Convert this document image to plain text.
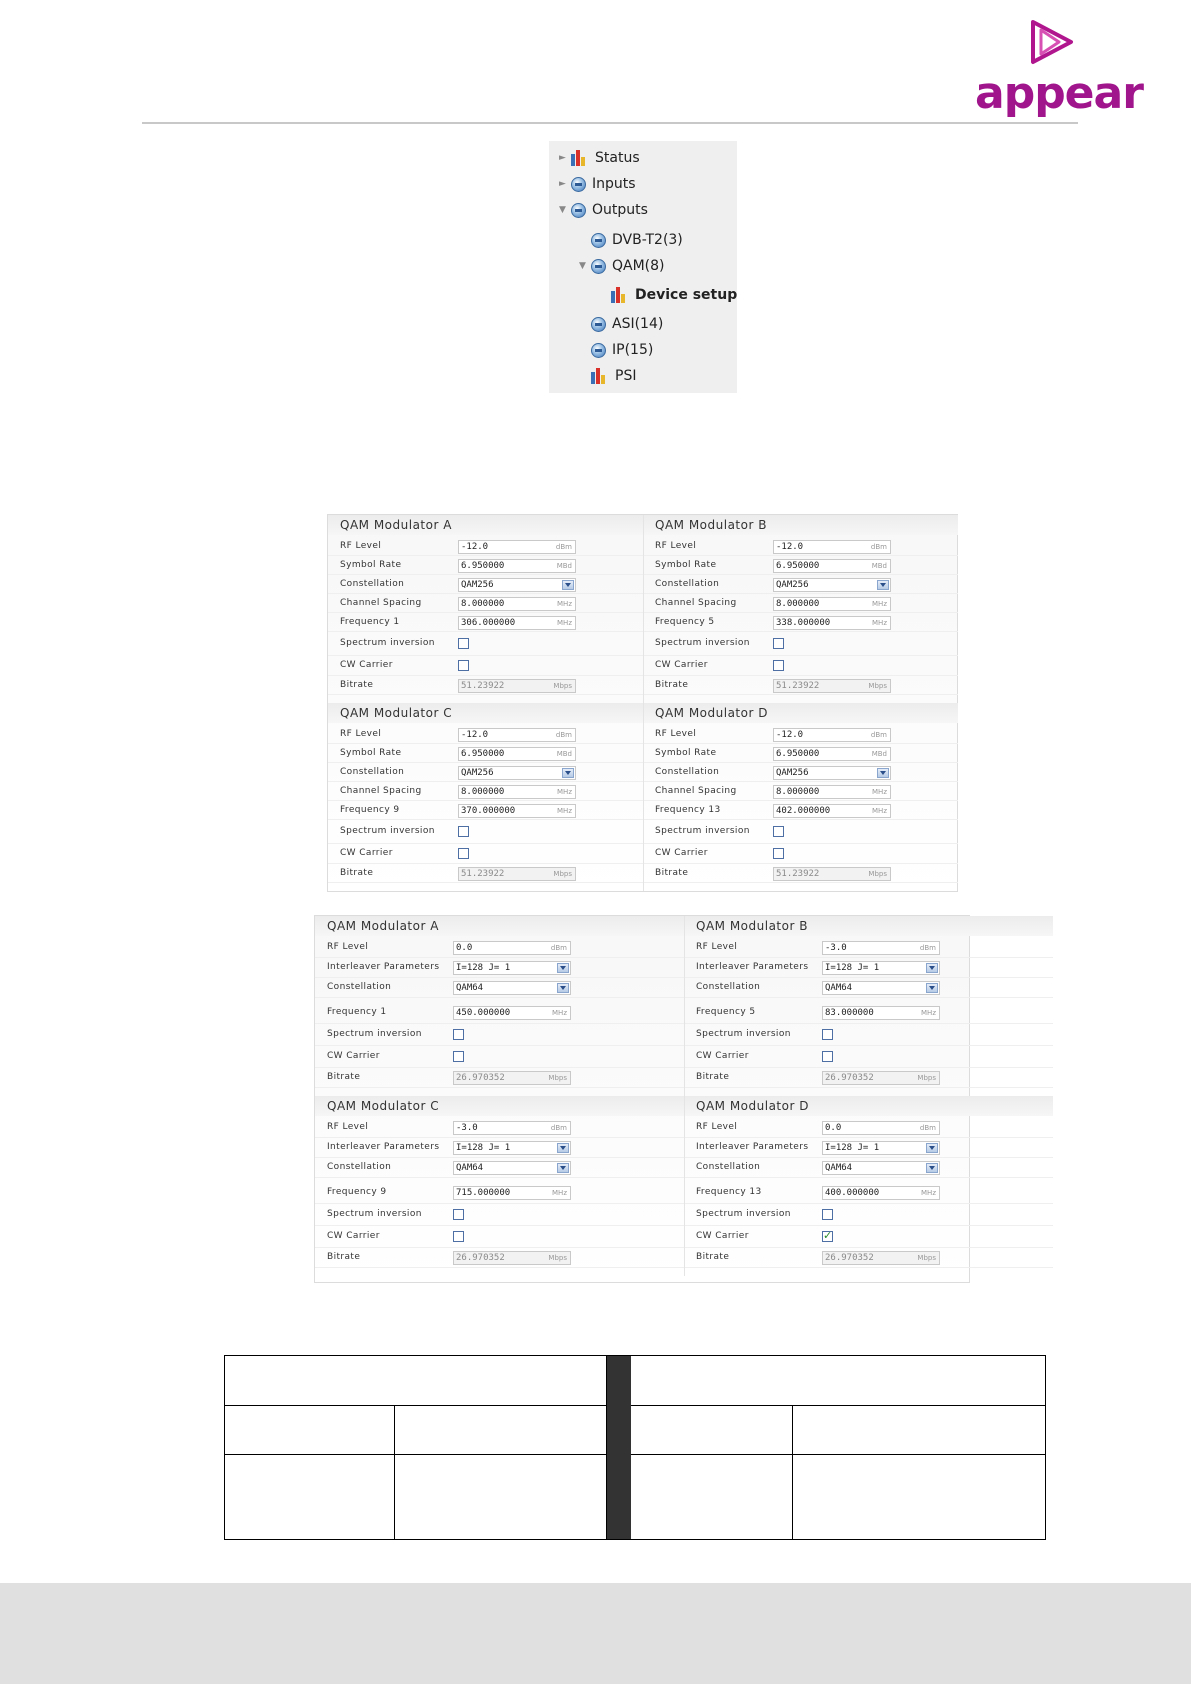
appear
►	Status
►	Inputs
▼	Outputs
DVB-T2(3)
▼	QAM(8)
Device setup
ASI(14)
IP(15)
PSI
QAM Modulator A
RF Level	-12.0	dBm
Symbol Rate	6.950000	MBd
Constellation	QAM256
Channel Spacing	8.000000	MHz
Frequency 1	306.000000	MHz
Spectrum inversion
CW Carrier
Bitrate	51.23922	Mbps
QAM Modulator B
RF Level	-12.0	dBm
Symbol Rate	6.950000	MBd
Constellation	QAM256
Channel Spacing	8.000000	MHz
Frequency 5	338.000000	MHz
Spectrum inversion
CW Carrier
Bitrate	51.23922	Mbps
QAM Modulator C
RF Level	-12.0	dBm
Symbol Rate	6.950000	MBd
Constellation	QAM256
Channel Spacing	8.000000	MHz
Frequency 9	370.000000	MHz
Spectrum inversion
CW Carrier
Bitrate	51.23922	Mbps
QAM Modulator D
RF Level	-12.0	dBm
Symbol Rate	6.950000	MBd
Constellation	QAM256
Channel Spacing	8.000000	MHz
Frequency 13	402.000000	MHz
Spectrum inversion
CW Carrier
Bitrate	51.23922	Mbps
QAM Modulator A
RF Level	0.0	dBm
Interleaver Parameters	I=128 J= 1
Constellation	QAM64
Frequency 1	450.000000	MHz
Spectrum inversion
CW Carrier
Bitrate	26.970352	Mbps
QAM Modulator B
RF Level	-3.0	dBm
Interleaver Parameters	I=128 J= 1
Constellation	QAM64
Frequency 5	83.000000	MHz
Spectrum inversion
CW Carrier
Bitrate	26.970352	Mbps
QAM Modulator C
RF Level	-3.0	dBm
Interleaver Parameters	I=128 J= 1
Constellation	QAM64
Frequency 9	715.000000	MHz
Spectrum inversion
CW Carrier
Bitrate	26.970352	Mbps
QAM Modulator D
RF Level	0.0	dBm
Interleaver Parameters	I=128 J= 1
Constellation	QAM64
Frequency 13	400.000000	MHz
Spectrum inversion
CW Carrier
✓
Bitrate	26.970352	Mbps
